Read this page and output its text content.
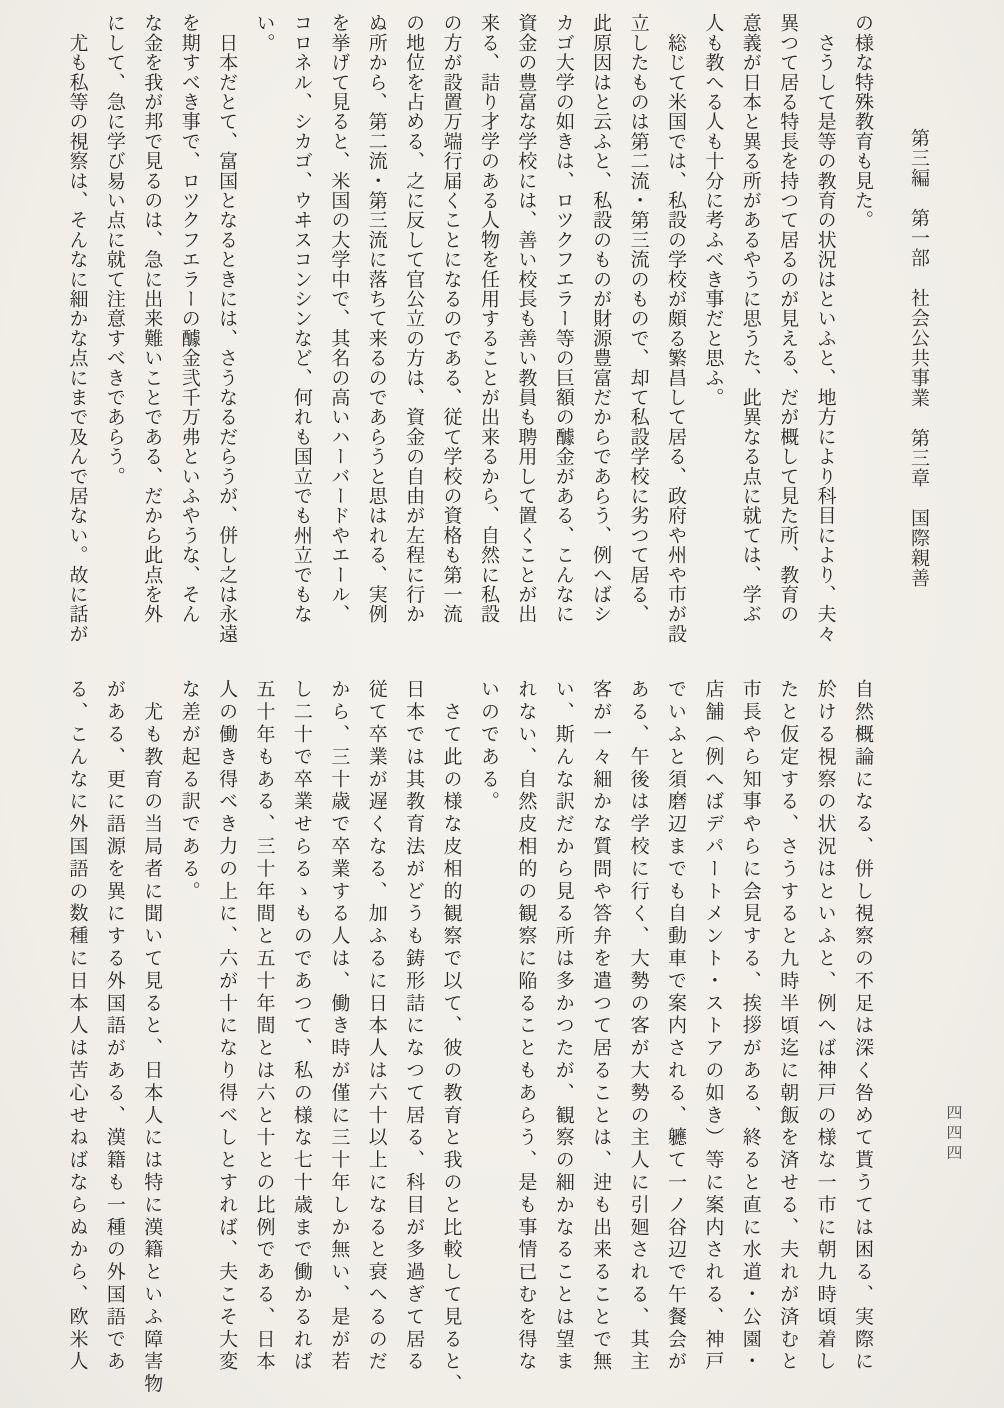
第三編　第一部　社会公共事業　第三章　国際親善
の様な特殊教育も見た。
　さうして是等の教育の状況はといふと、地方により科目により、夫々
異つて居る特長を持つて居るのが見える、だが概して見た所、教育の
意義が日本と異る所があるやうに思うた、此異なる点に就ては、学ぶ
人も教へる人も十分に考ふべき事だと思ふ。
　総じて米国では、私設の学校が頗る繁昌して居る、政府や州や市が設
立したものは第二流・第三流のもので、却て私設学校に劣つて居る、
此原因はと云ふと、私設のものが財源豊富だからであらう、例へばシ
カゴ大学の如きは、ロツクフエラー等の巨額の醵金がある、こんなに
資金の豊富な学校には、善い校長も善い教員も聘用して置くことが出
来る、詰り才学のある人物を任用することが出来るから、自然に私設
の方が設置万端行届くことになるのである、従て学校の資格も第一流
の地位を占める、之に反して官公立の方は、資金の自由が左程に行か
ぬ所から、第二流・第三流に落ちて来るのであらうと思はれる、実例
を挙げて見ると、米国の大学中で、其名の高いハーバードやエール、
コロネル、シカゴ、ウヰスコンシンなど、何れも国立でも州立でもな
い。
　日本だとて、富国となるときには、さうなるだらうが、併し之は永遠
を期すべき事で、ロツクフエラーの醵金弐千万弗といふやうな、そん
な金を我が邦で見るのは、急に出来難いことである、だから此点を外
にして、急に学び易い点に就て注意すべきであらう。
　尤も私等の視察は、そんなに細かな点にまで及んで居ない。故に話が
自然概論になる、併し視察の不足は深く咎めて貰うては困る、実際に
於ける視察の状況はといふと、例へば神戸の様な一市に朝九時頃着し
たと仮定する、さうすると九時半頃迄に朝飯を済せる、夫れが済むと
市長やら知事やらに会見する、挨拶がある、終ると直に水道・公園・
店舗（例へばデパートメント・ストアの如き）等に案内される、神戸
でいふと須磨辺までも自動車で案内される、軈て一ノ谷辺で午餐会が
ある、午後は学校に行く、大勢の客が大勢の主人に引廻される、其主
客が一々細かな質問や答弁を遣つて居ることは、迚も出来ることで無
い、斯んな訳だから見る所は多かつたが、観察の細かなることは望ま
れない、自然皮相的の観察に陥ることもあらう、是も事情已むを得な
いのである。
　さて此の様な皮相的観察で以て、彼の教育と我のと比較して見ると、
日本では其教育法がどうも鋳形詰になつて居る、科目が多過ぎて居る
従て卒業が遅くなる、加ふるに日本人は六十以上になると衰へるのだ
から、三十歳で卒業する人は、働き時が僅に三十年しか無い、是が若
し二十で卒業せらるゝものであつて、私の様な七十歳まで働かるれば
五十年もある、三十年間と五十年間とは六と十との比例である、日本
人の働き得べき力の上に、六が十になり得べしとすれば、夫こそ大変
な差が起る訳である。
　尤も教育の当局者に聞いて見ると、日本人には特に漢籍といふ障害物
がある、更に語源を異にする外国語がある、漢籍も一種の外国語であ
る、こんなに外国語の数種に日本人は苦心せねばならぬから、欧米人	四四四
